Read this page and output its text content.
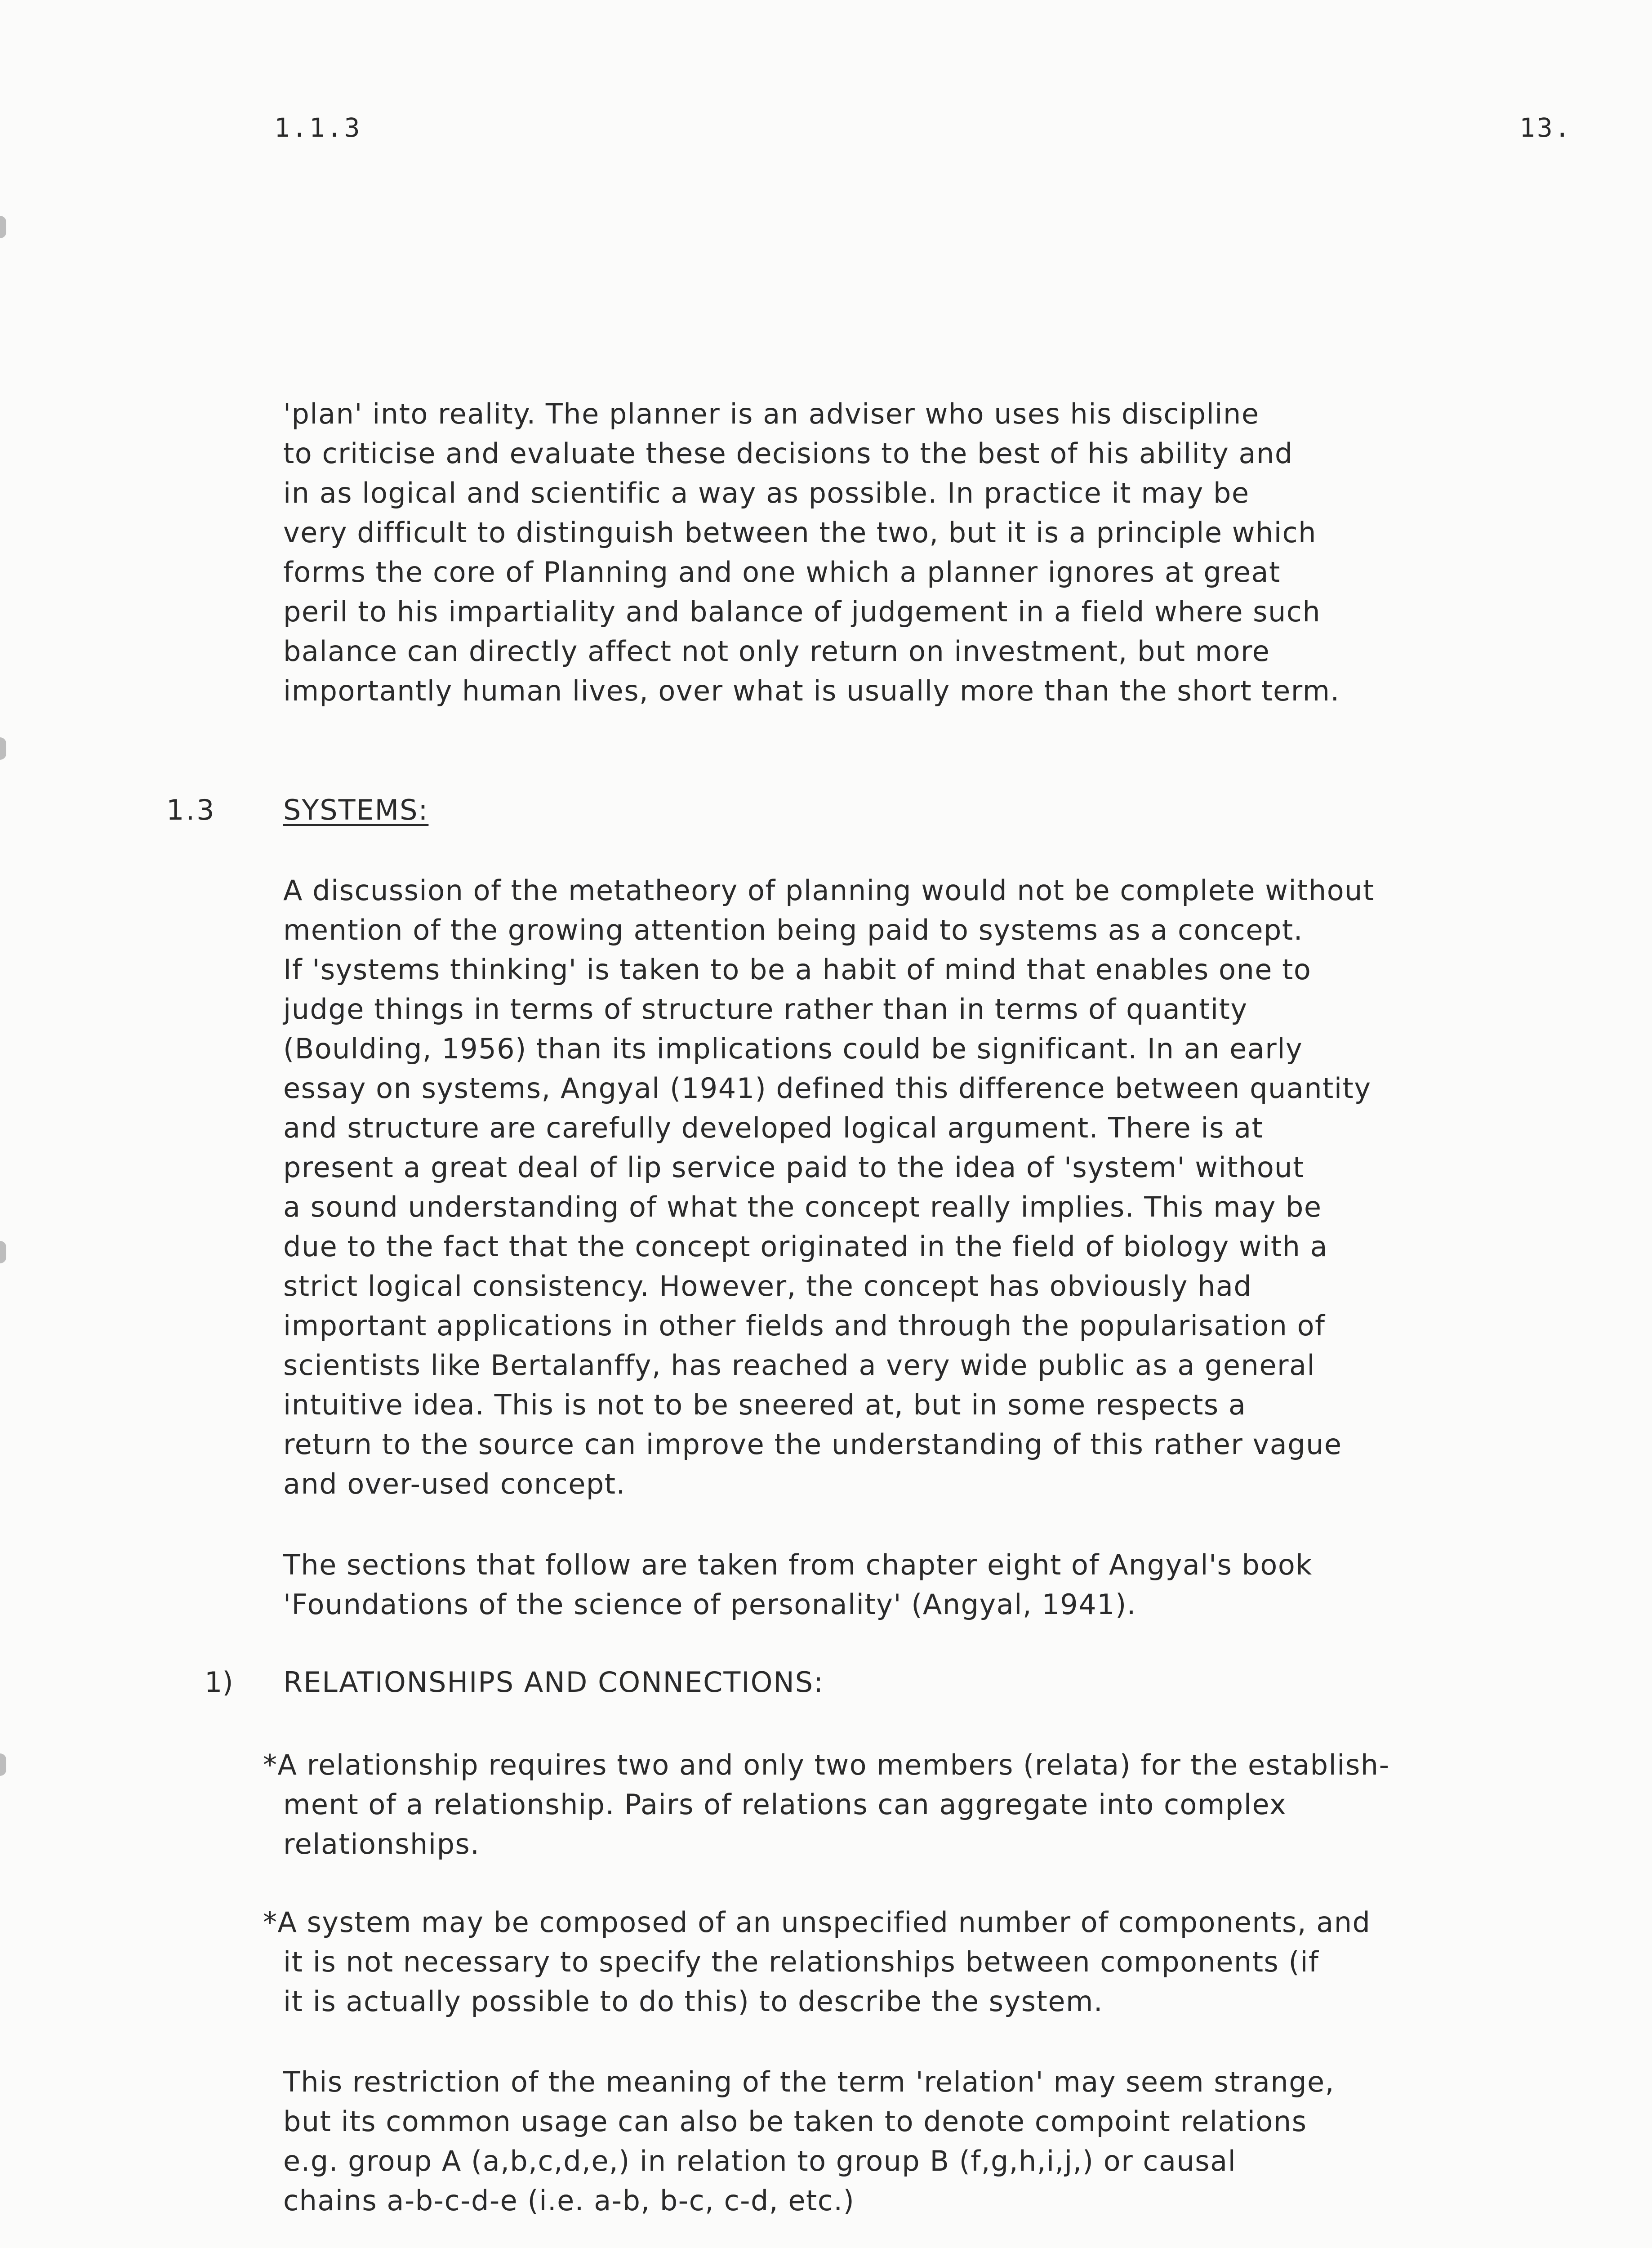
1.1.3	13.
'plan' into reality. The planner is an adviser who uses his discipline
to criticise and evaluate these decisions to the best of his ability and
in as logical and scientific a way as possible. In practice it may be
very difficult to distinguish between the two, but it is a principle which
forms the core of Planning and one which a planner ignores at great
peril to his impartiality and balance of judgement in a field where such
balance can directly affect not only return on investment, but more
importantly human lives, over what is usually more than the short term.
1.3 SYSTEMS:
A discussion of the metatheory of planning would not be complete without
mention of the growing attention being paid to systems as a concept.
If 'systems thinking' is taken to be a habit of mind that enables one to
judge things in terms of structure rather than in terms of quantity
(Boulding, 1956) than its implications could be significant. In an early
essay on systems, Angyal (1941) defined this difference between quantity
and structure are carefully developed logical argument. There is at
present a great deal of lip service paid to the idea of 'system' without
a sound understanding of what the concept really implies. This may be
due to the fact that the concept originated in the field of biology with a
strict logical consistency. However, the concept has obviously had
important applications in other fields and through the popularisation of
scientists like Bertalanffy, has reached a very wide public as a general
intuitive idea. This is not to be sneered at, but in some respects a
return to the source can improve the understanding of this rather vague
and over-used concept.
The sections that follow are taken from chapter eight of Angyal's book
'Foundations of the science of personality' (Angyal, 1941).
1) RELATIONSHIPS AND CONNECTIONS:
*A relationship requires two and only two members (relata) for the establish-
ment of a relationship. Pairs of relations can aggregate into complex
relationships.
*A system may be composed of an unspecified number of components, and
it is not necessary to specify the relationships between components (if
it is actually possible to do this) to describe the system.
This restriction of the meaning of the term 'relation' may seem strange,
but its common usage can also be taken to denote compoint relations
e.g. group A (a,b,c,d,e,) in relation to group B (f,g,h,i,j,) or causal
chains a-b-c-d-e (i.e. a-b, b-c, c-d, etc.)
